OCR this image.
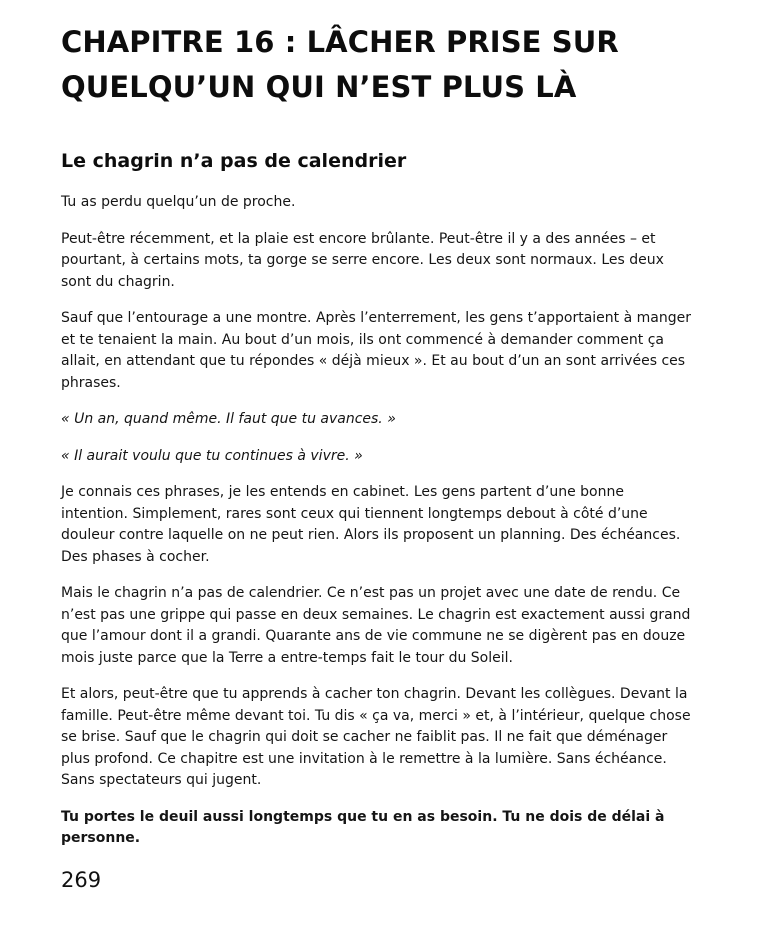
CHAPITRE 16 : LÂCHER PRISE SUR
QUELQU’UN QUI N’EST PLUS LÀ
Le chagrin n’a pas de calendrier

Tu as perdu quelqu’un de proche.

Peut-être récemment, et la plaie est encore brûlante. Peut-être il y a des années – et pourtant, à certains mots, ta gorge se serre encore. Les deux sont normaux. Les deux sont du chagrin.

Sauf que l’entourage a une montre. Après l’enterrement, les gens t’apportaient à manger et te tenaient la main. Au bout d’un mois, ils ont commencé à demander comment ça allait, en attendant que tu répondes « déjà mieux ». Et au bout d’un an sont arrivées ces phrases.

« Un an, quand même. Il faut que tu avances. »

« Il aurait voulu que tu continues à vivre. »

Je connais ces phrases, je les entends en cabinet. Les gens partent d’une bonne intention. Simplement, rares sont ceux qui tiennent longtemps debout à côté d’une douleur contre laquelle on ne peut rien. Alors ils proposent un planning. Des échéances. Des phases à cocher.

Mais le chagrin n’a pas de calendrier. Ce n’est pas un projet avec une date de rendu. Ce n’est pas une grippe qui passe en deux semaines. Le chagrin est exactement aussi grand que l’amour dont il a grandi. Quarante ans de vie commune ne se digèrent pas en douze mois juste parce que la Terre a entre-temps fait le tour du Soleil.

Et alors, peut-être que tu apprends à cacher ton chagrin. Devant les collègues. Devant la famille. Peut-être même devant toi. Tu dis « ça va, merci » et, à l’intérieur, quelque chose se brise. Sauf que le chagrin qui doit se cacher ne faiblit pas. Il ne fait que déménager plus profond. Ce chapitre est une invitation à le remettre à la lumière. Sans échéance. Sans spectateurs qui jugent.

Tu portes le deuil aussi longtemps que tu en as besoin. Tu ne dois de délai à personne.

269
